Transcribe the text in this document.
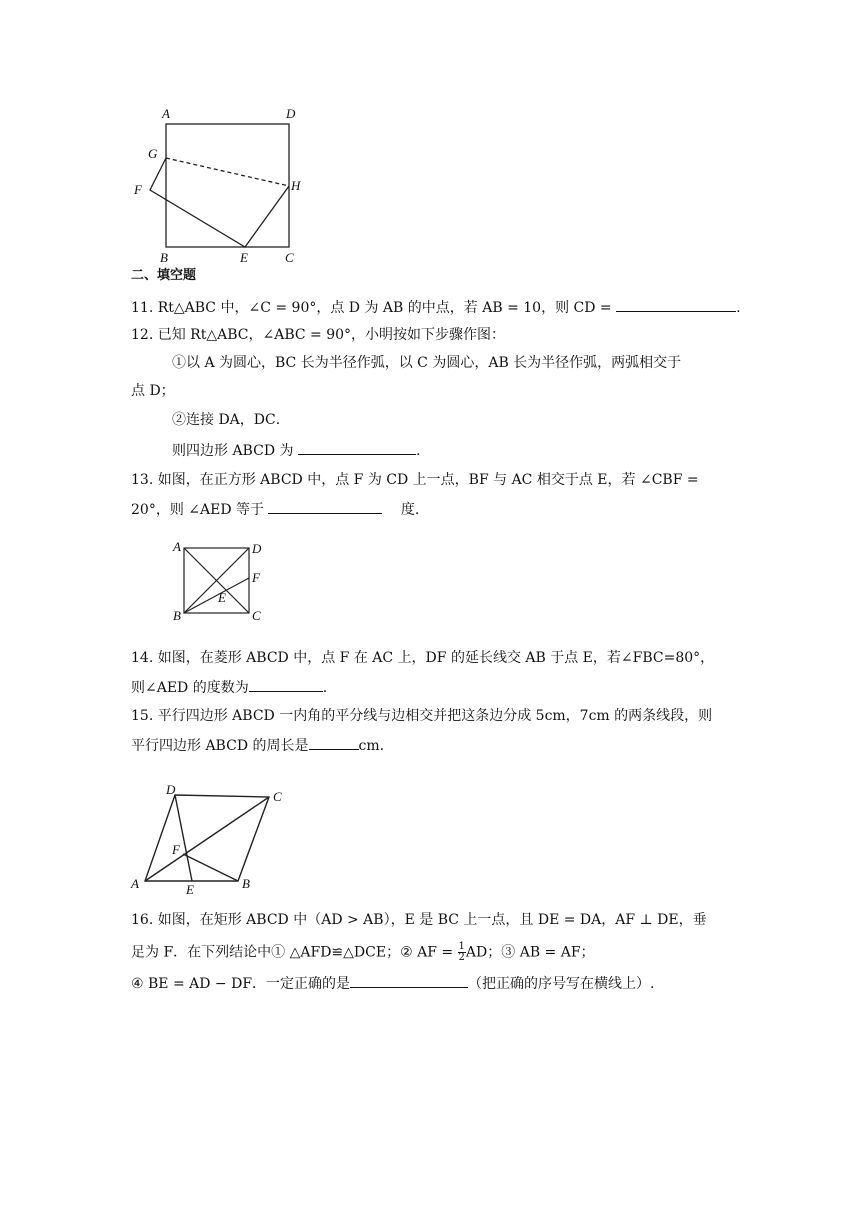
A	D
G
F	H
B	E	C
二、填空题
11. Rt△ABC 中，∠C = 90°，点 D 为 AB 的中点，若 AB = 10，则 CD =	.
12. 已知 Rt△ABC，∠ABC = 90°，小明按如下步骤作图：
①以 A 为圆心，BC 长为半径作弧，以 C 为圆心，AB 长为半径作弧，两弧相交于
点 D；
②连接 DA，DC．
则四边形 ABCD 为	.
13. 如图，在正方形 ABCD 中，点 F 为 CD 上一点，BF 与 AC 相交于点 E，若 ∠CBF =
20°，则 ∠AED 等于	度.
A	D
F
E
B	C
14. 如图，在菱形 ABCD 中，点 F 在 AC 上，DF 的延长线交 AB 于点 E，若∠FBC=80°，
则∠AED 的度数为	.
15. 平行四边形 ABCD 一内角的平分线与边相交并把这条边分成 5cm，7cm 的两条线段，则
平行四边形 ABCD 的周长是	cm.
D	C
F
A	E	B
16. 如图，在矩形 ABCD 中（AD > AB），E 是 BC 上一点，且 DE = DA，AF ⊥ DE，垂
足为 F．在下列结论中① △AFD≌△DCE；② AF = $\frac{1}{2}$ AD；③ AB = AF；
④ BE = AD − DF．一定正确的是	（把正确的序号写在横线上）.
